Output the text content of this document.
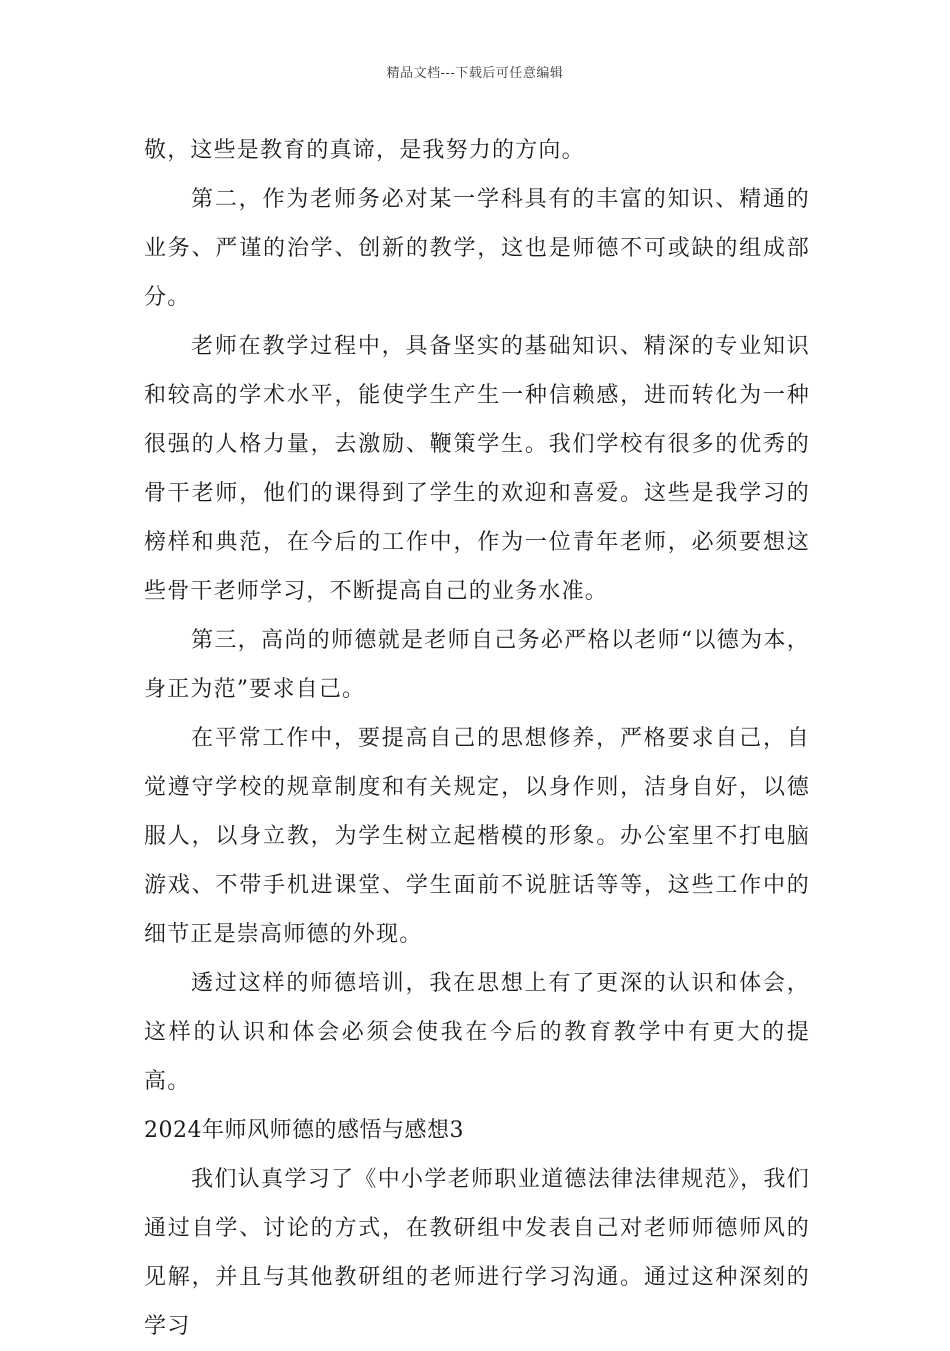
精品文档---下载后可任意编辑

敬，这些是教育的真谛，是我努力的方向。

第二，作为老师务必对某一学科具有的丰富的知识、精通的业务、严谨的治学、创新的教学，这也是师德不可或缺的组成部分。

老师在教学过程中，具备坚实的基础知识、精深的专业知识和较高的学术水平，能使学生产生一种信赖感，进而转化为一种很强的人格力量，去激励、鞭策学生。我们学校有很多的优秀的骨干老师，他们的课得到了学生的欢迎和喜爱。这些是我学习的榜样和典范，在今后的工作中，作为一位青年老师，必须要想这些骨干老师学习，不断提高自己的业务水准。

第三，高尚的师德就是老师自己务必严格以老师“以德为本，身正为范”要求自己。

在平常工作中，要提高自己的思想修养，严格要求自己，自觉遵守学校的规章制度和有关规定，以身作则，洁身自好，以德服人，以身立教，为学生树立起楷模的形象。办公室里不打电脑游戏、不带手机进课堂、学生面前不说脏话等等，这些工作中的细节正是崇高师德的外现。

透过这样的师德培训，我在思想上有了更深的认识和体会，这样的认识和体会必须会使我在今后的教育教学中有更大的提高。

2024年师风师德的感悟与感想3

我们认真学习了《中小学老师职业道德法律法律规范》，我们通过自学、讨论的方式，在教研组中发表自己对老师师德师风的见解，并且与其他教研组的老师进行学习沟通。通过这种深刻的学习
